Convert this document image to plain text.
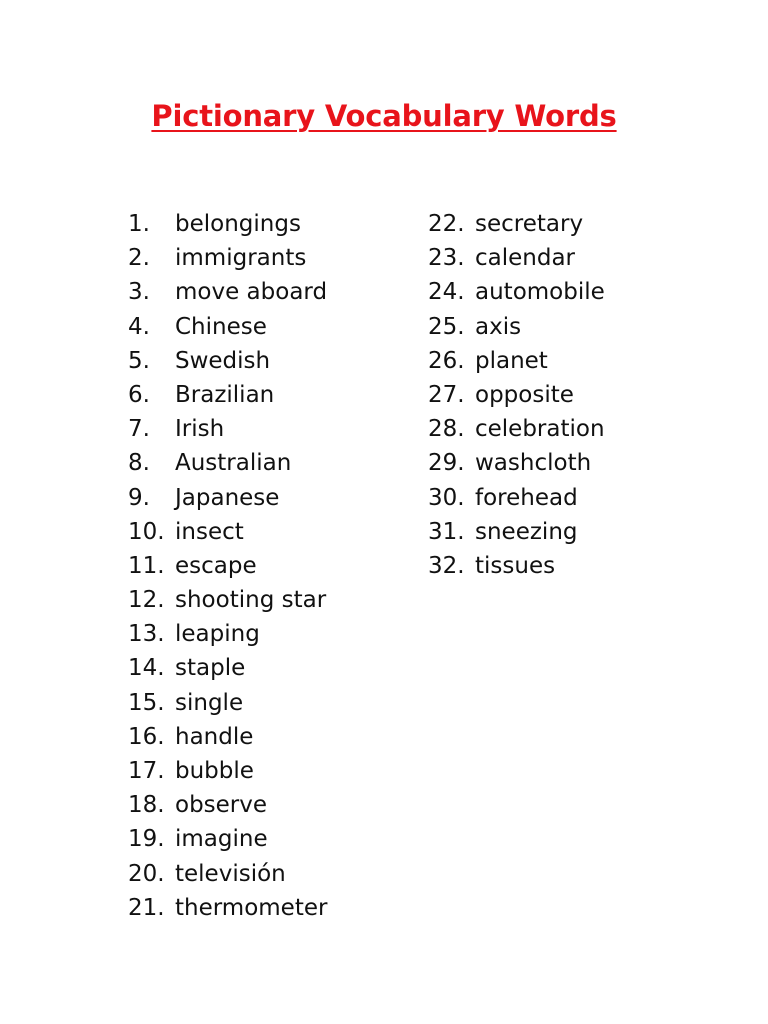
Pictionary Vocabulary Words
1.	belongings
2.	immigrants
3.	move aboard
4.	Chinese
5.	Swedish
6.	Brazilian
7.	Irish
8.	Australian
9.	Japanese
10. insect
11. escape
12. shooting star
13. leaping
14. staple
15. single
16. handle
17. bubble
18. observe
19. imagine
20. televisión
21. thermometer
22. secretary
23. calendar
24. automobile
25. axis
26. planet
27. opposite
28. celebration
29. washcloth
30. forehead
31. sneezing
32. tissues
